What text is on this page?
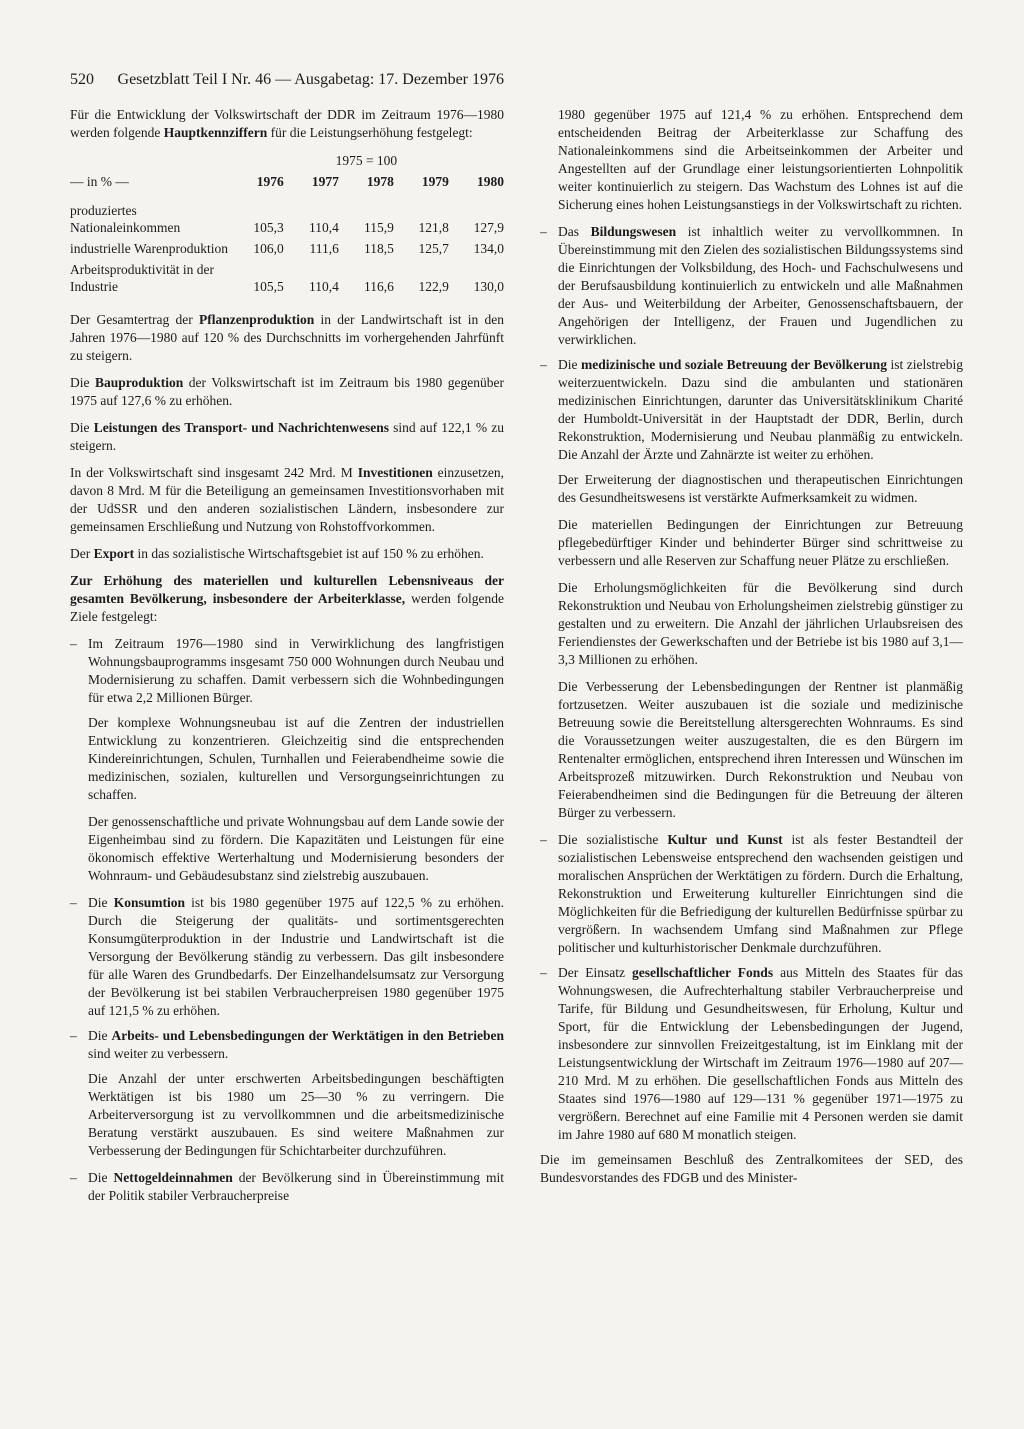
520 Gesetzblatt Teil I Nr. 46 — Ausgabetag: 17. Dezember 1976

Für die Entwicklung der Volkswirtschaft der DDR im Zeitraum 1976—1980 werden folgende Hauptkennziffern für die Leistungserhöhung festgelegt:

	1975 = 100				
— in % —	1976	1977	1978	1979	1980
produziertes Nationaleinkommen	105,3	110,4	115,9	121,8	127,9
industrielle Warenproduktion	106,0	111,6	118,5	125,7	134,0
Arbeitsproduktivität in der Industrie	105,5	110,4	116,6	122,9	130,0

Der Gesamtertrag der Pflanzenproduktion in der Landwirtschaft ist in den Jahren 1976—1980 auf 120 % des Durchschnitts im vorhergehenden Jahrfünft zu steigern.

Die Bauproduktion der Volkswirtschaft ist im Zeitraum bis 1980 gegenüber 1975 auf 127,6 % zu erhöhen.

Die Leistungen des Transport- und Nachrichtenwesens sind auf 122,1 % zu steigern.

In der Volkswirtschaft sind insgesamt 242 Mrd. M Investitionen einzusetzen, davon 8 Mrd. M für die Beteiligung an gemeinsamen Investitionsvorhaben mit der UdSSR und den anderen sozialistischen Ländern, insbesondere zur gemeinsamen Erschließung und Nutzung von Rohstoffvorkommen.

Der Export in das sozialistische Wirtschaftsgebiet ist auf 150 % zu erhöhen.

Zur Erhöhung des materiellen und kulturellen Lebensniveaus der gesamten Bevölkerung, insbesondere der Arbeiterklasse, werden folgende Ziele festgelegt:

– Im Zeitraum 1976—1980 sind in Verwirklichung des langfristigen Wohnungsbauprogramms insgesamt 750 000 Wohnungen durch Neubau und Modernisierung zu schaffen. Damit verbessern sich die Wohnbedingungen für etwa 2,2 Millionen Bürger.

Der komplexe Wohnungsneubau ist auf die Zentren der industriellen Entwicklung zu konzentrieren. Gleichzeitig sind die entsprechenden Kindereinrichtungen, Schulen, Turnhallen und Feierabendheime sowie die medizinischen, sozialen, kulturellen und Versorgungseinrichtungen zu schaffen.

Der genossenschaftliche und private Wohnungsbau auf dem Lande sowie der Eigenheimbau sind zu fördern. Die Kapazitäten und Leistungen für eine ökonomisch effektive Werterhaltung und Modernisierung besonders der Wohnraum- und Gebäudesubstanz sind zielstrebig auszubauen.

– Die Konsumtion ist bis 1980 gegenüber 1975 auf 122,5 % zu erhöhen. Durch die Steigerung der qualitäts- und sortimentsgerechten Konsumgüterproduktion in der Industrie und Landwirtschaft ist die Versorgung der Bevölkerung ständig zu verbessern. Das gilt insbesondere für alle Waren des Grundbedarfs. Der Einzelhandelsumsatz zur Versorgung der Bevölkerung ist bei stabilen Verbraucherpreisen 1980 gegenüber 1975 auf 121,5 % zu erhöhen.

– Die Arbeits- und Lebensbedingungen der Werktätigen in den Betrieben sind weiter zu verbessern.

Die Anzahl der unter erschwerten Arbeitsbedingungen beschäftigten Werktätigen ist bis 1980 um 25—30 % zu verringern. Die Arbeiterversorgung ist zu vervollkommnen und die arbeitsmedizinische Beratung verstärkt auszubauen. Es sind weitere Maßnahmen zur Verbesserung der Bedingungen für Schichtarbeiter durchzuführen.

– Die Nettogeldeinnahmen der Bevölkerung sind in Übereinstimmung mit der Politik stabiler Verbraucherpreise

1980 gegenüber 1975 auf 121,4 % zu erhöhen. Entsprechend dem entscheidenden Beitrag der Arbeiterklasse zur Schaffung des Nationaleinkommens sind die Arbeitseinkommen der Arbeiter und Angestellten auf der Grundlage einer leistungsorientierten Lohnpolitik weiter kontinuierlich zu steigern. Das Wachstum des Lohnes ist auf die Sicherung eines hohen Leistungsanstiegs in der Volkswirtschaft zu richten.

– Das Bildungswesen ist inhaltlich weiter zu vervollkommnen. In Übereinstimmung mit den Zielen des sozialistischen Bildungssystems sind die Einrichtungen der Volksbildung, des Hoch- und Fachschulwesens und der Berufsausbildung kontinuierlich zu entwickeln und alle Maßnahmen der Aus- und Weiterbildung der Arbeiter, Genossenschaftsbauern, der Angehörigen der Intelligenz, der Frauen und Jugendlichen zu verwirklichen.

– Die medizinische und soziale Betreuung der Bevölkerung ist zielstrebig weiterzuentwickeln. Dazu sind die ambulanten und stationären medizinischen Einrichtungen, darunter das Universitätsklinikum Charité der Humboldt-Universität in der Hauptstadt der DDR, Berlin, durch Rekonstruktion, Modernisierung und Neubau planmäßig zu entwickeln. Die Anzahl der Ärzte und Zahnärzte ist weiter zu erhöhen.

Der Erweiterung der diagnostischen und therapeutischen Einrichtungen des Gesundheitswesens ist verstärkte Aufmerksamkeit zu widmen.

Die materiellen Bedingungen der Einrichtungen zur Betreuung pflegebedürftiger Kinder und behinderter Bürger sind schrittweise zu verbessern und alle Reserven zur Schaffung neuer Plätze zu erschließen.

Die Erholungsmöglichkeiten für die Bevölkerung sind durch Rekonstruktion und Neubau von Erholungsheimen zielstrebig günstiger zu gestalten und zu erweitern. Die Anzahl der jährlichen Urlaubsreisen des Feriendienstes der Gewerkschaften und der Betriebe ist bis 1980 auf 3,1—3,3 Millionen zu erhöhen.

Die Verbesserung der Lebensbedingungen der Rentner ist planmäßig fortzusetzen. Weiter auszubauen ist die soziale und medizinische Betreuung sowie die Bereitstellung altersgerechten Wohnraums. Es sind die Voraussetzungen weiter auszugestalten, die es den Bürgern im Rentenalter ermöglichen, entsprechend ihren Interessen und Wünschen im Arbeitsprozeß mitzuwirken. Durch Rekonstruktion und Neubau von Feierabendheimen sind die Bedingungen für die Betreuung der älteren Bürger zu verbessern.

– Die sozialistische Kultur und Kunst ist als fester Bestandteil der sozialistischen Lebensweise entsprechend den wachsenden geistigen und moralischen Ansprüchen der Werktätigen zu fördern. Durch die Erhaltung, Rekonstruktion und Erweiterung kultureller Einrichtungen sind die Möglichkeiten für die Befriedigung der kulturellen Bedürfnisse spürbar zu vergrößern. In wachsendem Umfang sind Maßnahmen zur Pflege politischer und kulturhistorischer Denkmale durchzuführen.

– Der Einsatz gesellschaftlicher Fonds aus Mitteln des Staates für das Wohnungswesen, die Aufrechterhaltung stabiler Verbraucherpreise und Tarife, für Bildung und Gesundheitswesen, für Erholung, Kultur und Sport, für die Entwicklung der Lebensbedingungen der Jugend, insbesondere zur sinnvollen Freizeitgestaltung, ist im Einklang mit der Leistungsentwicklung der Wirtschaft im Zeitraum 1976—1980 auf 207—210 Mrd. M zu erhöhen. Die gesellschaftlichen Fonds aus Mitteln des Staates sind 1976—1980 auf 129—131 % gegenüber 1971—1975 zu vergrößern. Berechnet auf eine Familie mit 4 Personen werden sie damit im Jahre 1980 auf 680 M monatlich steigen.

Die im gemeinsamen Beschluß des Zentralkomitees der SED, des Bundesvorstandes des FDGB und des Minister-
